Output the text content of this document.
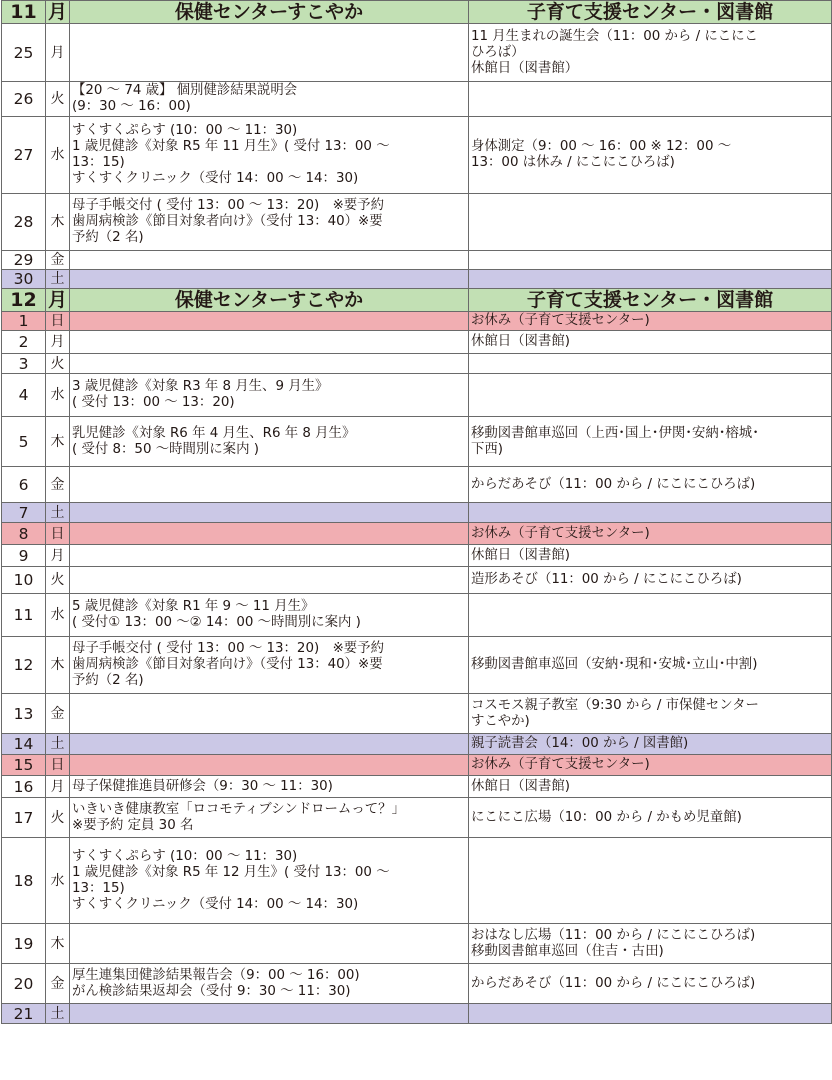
11	月	保健センターすこやか	子育て支援センター・図書館
25	月		11 月生まれの誕生会（11：00 から / にこにこ
ひろば）
休館日（図書館）

26	火	【20 ～ 74 歳】 個別健診結果説明会
(9：30 ～ 16：00)	

27	水	すくすくぷらす (10：00 ～ 11：30)
1 歳児健診《対象 R5 年 11 月生》( 受付 13：00 ～
13：15)
すくすくクリニック（受付 14：00 ～ 14：30)	身体測定（9：00 ～ 16：00 ※ 12：00 ～
13：00 は休み / にこにこひろば)

28	木	母子手帳交付 ( 受付 13：00 ～ 13：20)　※要予約
歯周病検診《節目対象者向け》（受付 13：40）※要
予約（2 名)	

29	金		
30	土		
12	月	保健センターすこやか	子育て支援センター・図書館
1	日		お休み（子育て支援センター)

2	月		休館日（図書館)

3	火		
4	水	3 歳児健診《対象 R3 年 8 月生、9 月生》
( 受付 13：00 ～ 13：20)	

5	木	乳児健診《対象 R6 年 4 月生、R6 年 8 月生》
( 受付 8：50 ～時間別に案内 )	移動図書館車巡回（上西･国上･伊関･安納･榕城･
下西)

6	金		からだあそび（11：00 から / にこにこひろば)

7	土		
8	日		お休み（子育て支援センター)

9	月		休館日（図書館)

10	火		造形あそび（11：00 から / にこにこひろば)

11	水	5 歳児健診《対象 R1 年 9 ～ 11 月生》
( 受付① 13：00 ～② 14：00 ～時間別に案内 )	

12	木	母子手帳交付 ( 受付 13：00 ～ 13：20)　※要予約
歯周病検診《節目対象者向け》（受付 13：40）※要
予約（2 名)	移動図書館車巡回（安納･現和･安城･立山･中割)

13	金		コスモス親子教室（9:30 から / 市保健センター
すこやか)

14	土		親子読書会（14：00 から / 図書館)

15	日		お休み（子育て支援センター)

16	月	母子保健推進員研修会（9：30 ～ 11：30)	休館日（図書館)

17	火	いきいき健康教室「ロコモティブシンドロームって？」
※要予約 定員 30 名	にこにこ広場（10：00 から / かもめ児童館)

18	水	すくすくぷらす (10：00 ～ 11：30)
1 歳児健診《対象 R5 年 12 月生》( 受付 13：00 ～
13：15)
すくすくクリニック（受付 14：00 ～ 14：30)	

19	木		おはなし広場（11：00 から / にこにこひろば)
移動図書館車巡回（住吉・古田)

20	金	厚生連集団健診結果報告会（9：00 ～ 16：00)
がん検診結果返却会（受付 9：30 ～ 11：30)	からだあそび（11：00 から / にこにこひろば)

21	土		
